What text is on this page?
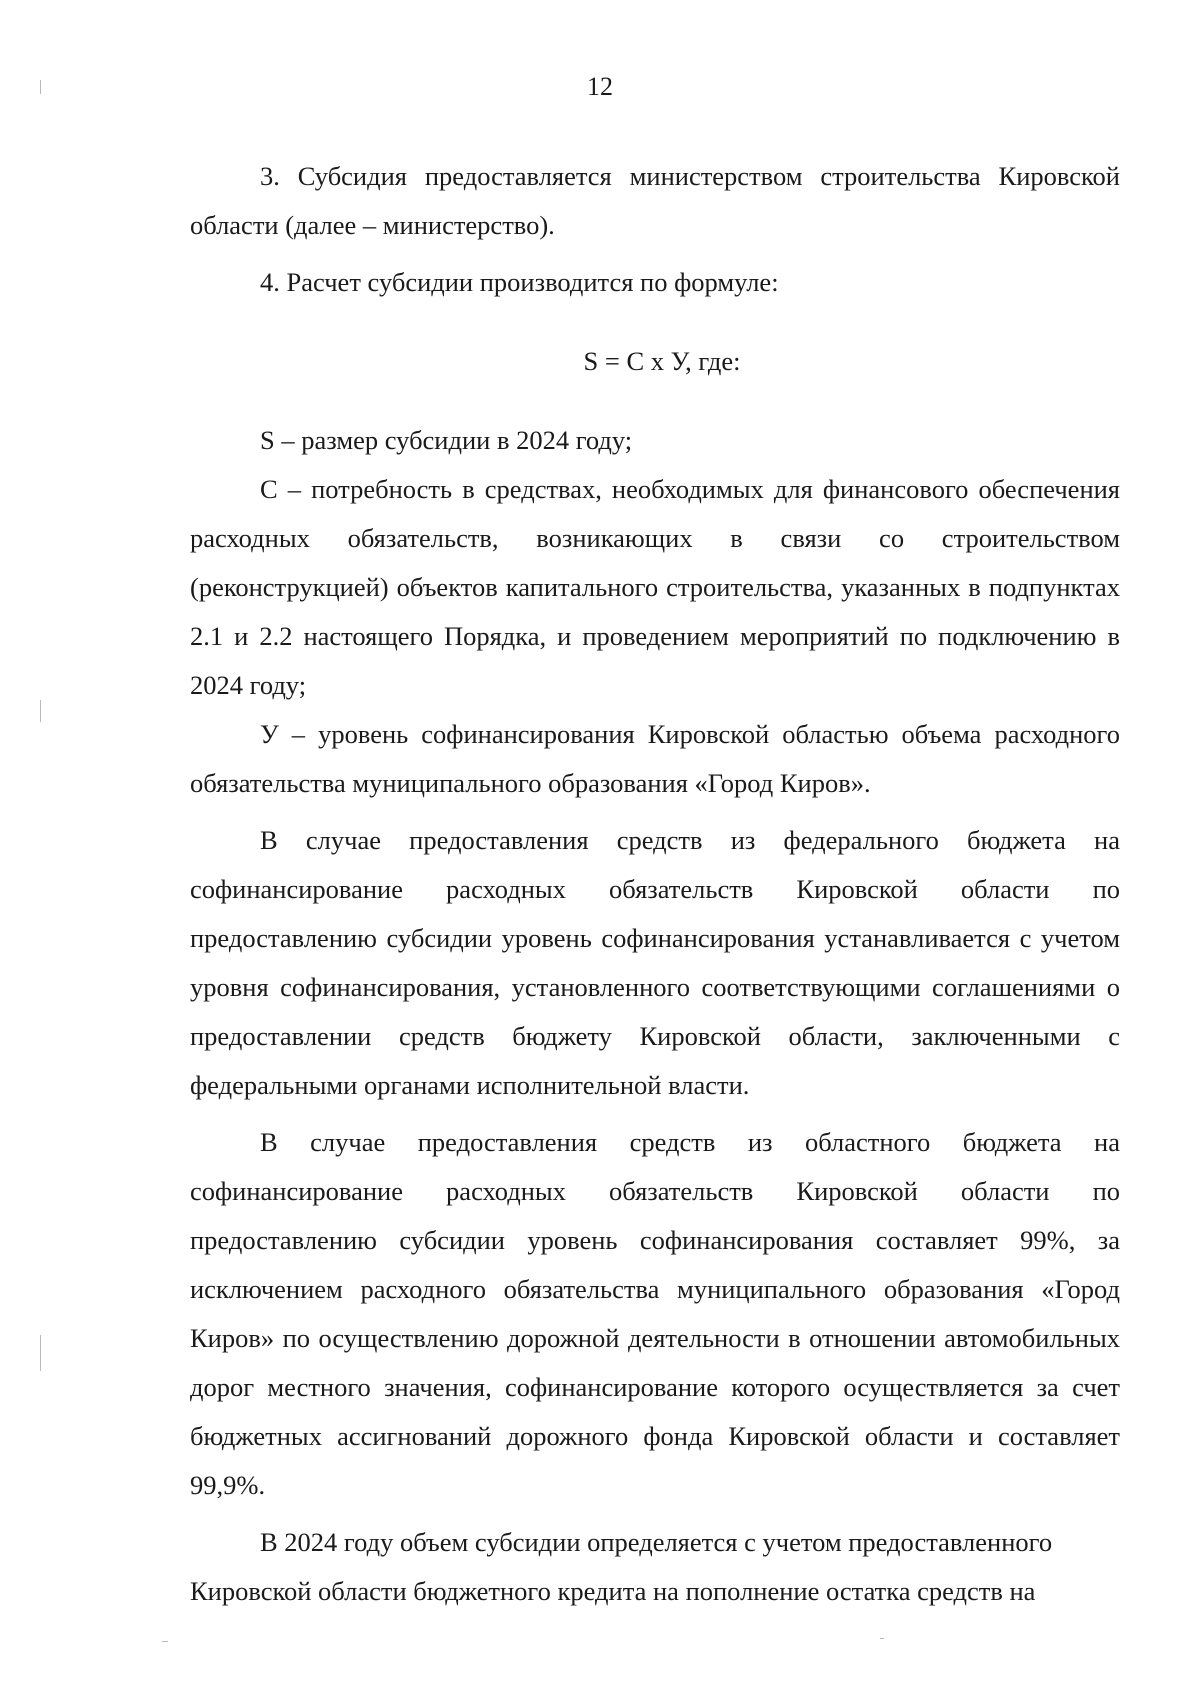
12

3. Субсидия предоставляется министерством строительства Кировской области (далее – министерство).

4. Расчет субсидии производится по формуле:

S = С х У, где:

S – размер субсидии в 2024 году;

С – потребность в средствах, необходимых для финансового обеспечения расходных обязательств, возникающих в связи со строительством (реконструкцией) объектов капитального строительства, указанных в подпунктах 2.1 и 2.2 настоящего Порядка, и проведением мероприятий по подключению в 2024 году;

У – уровень софинансирования Кировской областью объема расходного обязательства муниципального образования «Город Киров».

В случае предоставления средств из федерального бюджета на софинансирование расходных обязательств Кировской области по предоставлению субсидии уровень софинансирования устанавливается с учетом уровня софинансирования, установленного соответствующими соглашениями о предоставлении средств бюджету Кировской области, заключенными с федеральными органами исполнительной власти.

В случае предоставления средств из областного бюджета на софинансирование расходных обязательств Кировской области по предоставлению субсидии уровень софинансирования составляет 99%, за исключением расходного обязательства муниципального образования «Город Киров» по осуществлению дорожной деятельности в отношении автомобильных дорог местного значения, софинансирование которого осуществляется за счет бюджетных ассигнований дорожного фонда Кировской области и составляет 99,9%.

В 2024 году объем субсидии определяется с учетом предоставленного Кировской области бюджетного кредита на пополнение остатка средств на
